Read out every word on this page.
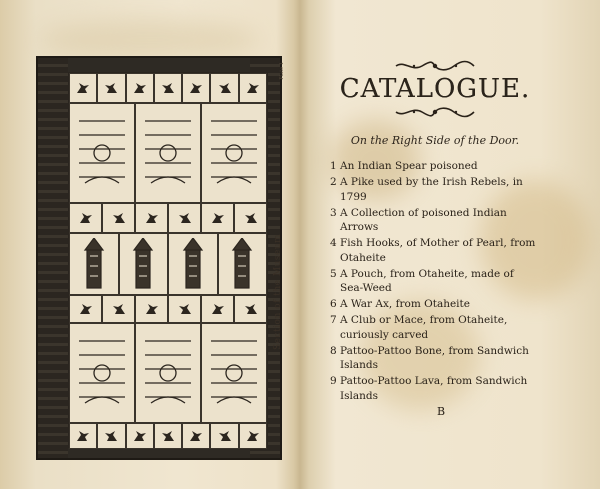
Section of the Museum
Plate 1
CATALOGUE.
On the Right Side of the Door.
1 An Indian Spear poisoned
2 A Pike used by the Irish Rebels, in 1799
3 A Collection of poisoned Indian Arrows
4 Fish Hooks, of Mother of Pearl, from Otaheite
5 A Pouch, from Otaheite, made of Sea-Weed
6 A War Ax, from Otaheite
7 A Club or Mace, from Otaheite, curiously carved
8 Pattoo-Pattoo Bone, from Sandwich Islands
9 Pattoo-Pattoo Lava, from Sandwich Islands
B
